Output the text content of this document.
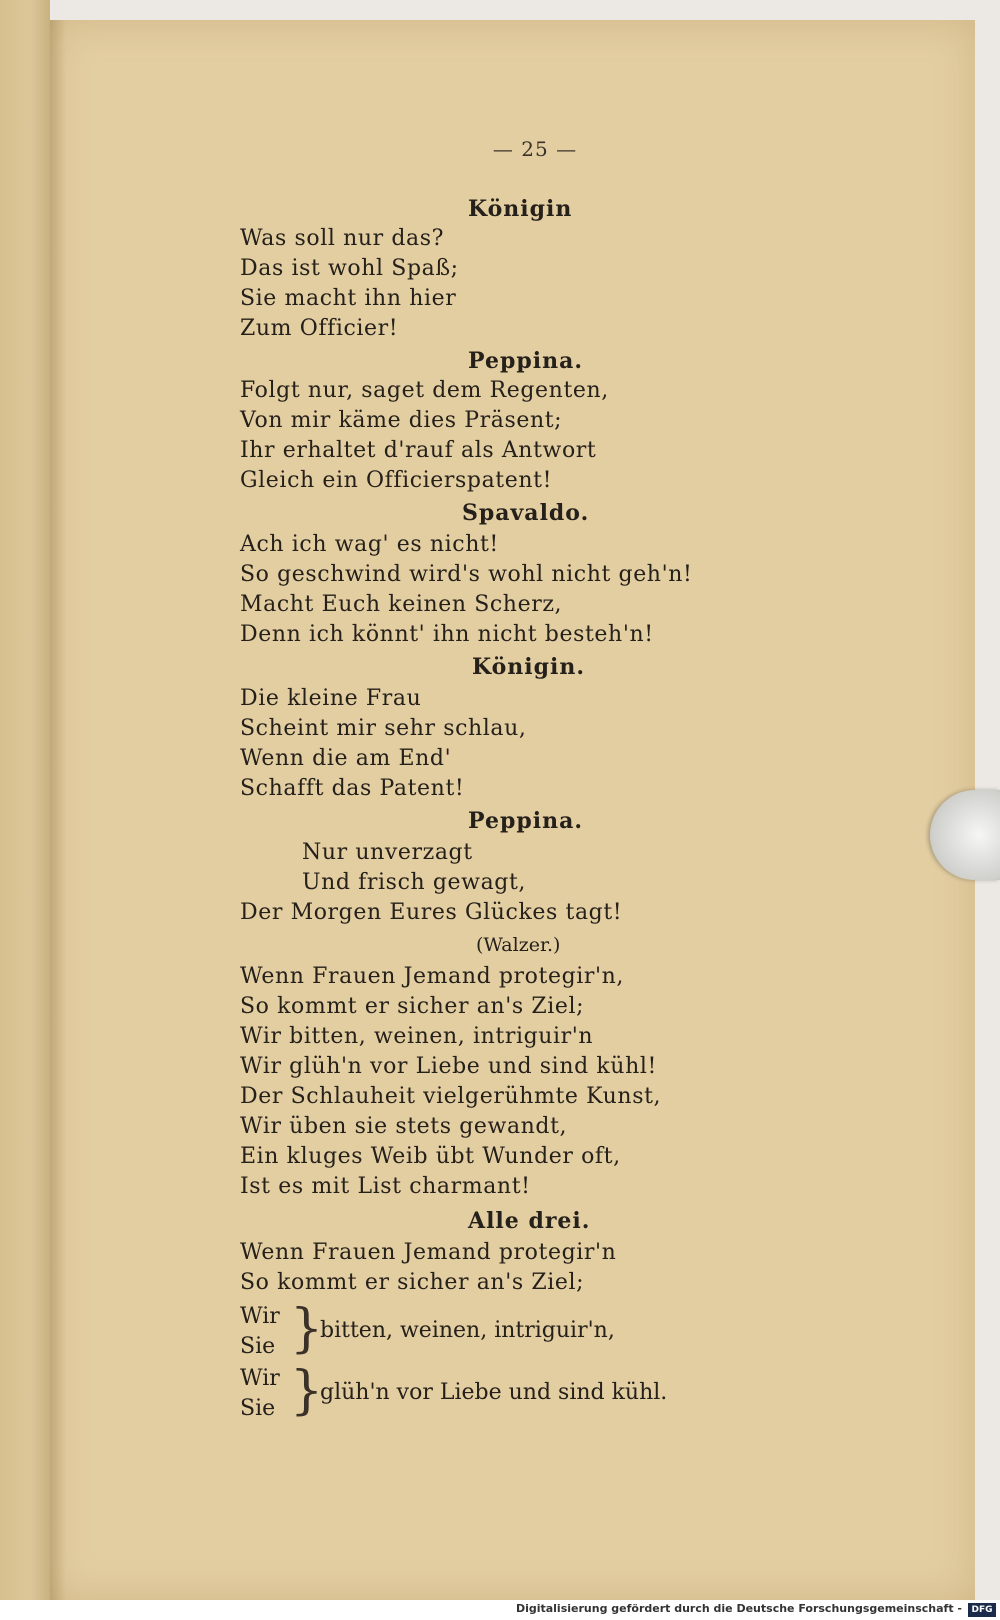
— 25 —
Königin
Was soll nur das?
Das ist wohl Spaß;
Sie macht ihn hier
Zum Officier!
Peppina.
Folgt nur, saget dem Regenten,
Von mir käme dies Präsent;
Ihr erhaltet d'rauf als Antwort
Gleich ein Officierspatent!
Spavaldo.
Ach ich wag' es nicht!
So geschwind wird's wohl nicht geh'n!
Macht Euch keinen Scherz,
Denn ich könnt' ihn nicht besteh'n!
Königin.
Die kleine Frau
Scheint mir sehr schlau,
Wenn die am End'
Schafft das Patent!
Peppina.
Nur unverzagt
Und frisch gewagt,
Der Morgen Eures Glückes tagt!
(Walzer.)
Wenn Frauen Jemand protegir'n,
So kommt er sicher an's Ziel;
Wir bitten, weinen, intriguir'n
Wir glüh'n vor Liebe und sind kühl!
Der Schlauheit vielgerühmte Kunst,
Wir üben sie stets gewandt,
Ein kluges Weib übt Wunder oft,
Ist es mit List charmant!
Alle drei.
Wenn Frauen Jemand protegir'n
So kommt er sicher an's Ziel;
Wir
Sie }
bitten, weinen, intriguir'n,
Wir
Sie }
glüh'n vor Liebe und sind kühl.
Digitalisierung gefördert durch die Deutsche Forschungsgemeinschaft -	DFG
